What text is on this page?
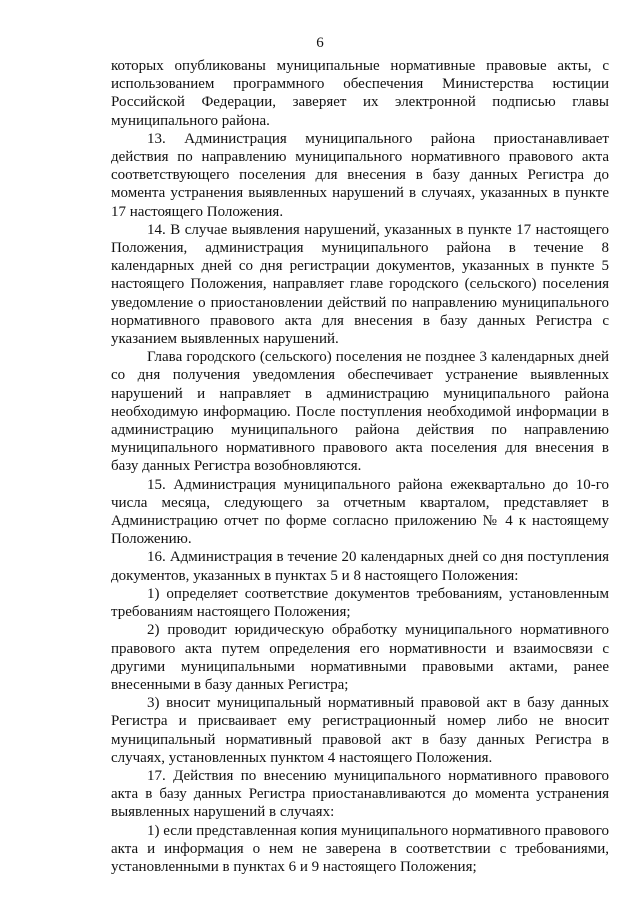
6

которых опубликованы муниципальные нормативные правовые акты, с использованием программного обеспечения Министерства юстиции Российской Федерации, заверяет их электронной подписью главы муниципального района.

13. Администрация муниципального района приостанавливает действия по направлению муниципального нормативного правового акта соответствующего поселения для внесения в базу данных Регистра до момента устранения выявленных нарушений в случаях, указанных в пункте 17 настоящего Положения.

14. В случае выявления нарушений, указанных в пункте 17 настоящего Положения, администрация муниципального района в течение 8 календарных дней со дня регистрации документов, указанных в пункте 5 настоящего Положения, направляет главе городского (сельского) поселения уведомление о приостановлении действий по направлению муниципального нормативного правового акта для внесения в базу данных Регистра с указанием выявленных нарушений.

Глава городского (сельского) поселения не позднее 3 календарных дней со дня получения уведомления обеспечивает устранение выявленных нарушений и направляет в администрацию муниципального района необходимую информацию. После поступления необходимой информации в администрацию муниципального района действия по направлению муниципального нормативного правового акта поселения для внесения в базу данных Регистра возобновляются.

15. Администрация муниципального района ежеквартально до 10-го числа месяца, следующего за отчетным кварталом, представляет в Администрацию отчет по форме согласно приложению № 4 к настоящему Положению.

16. Администрация в течение 20 календарных дней со дня поступления документов, указанных в пунктах 5 и 8 настоящего Положения:

1) определяет соответствие документов требованиям, установленным требованиям настоящего Положения;

2) проводит юридическую обработку муниципального нормативного правового акта путем определения его нормативности и взаимосвязи с другими муниципальными нормативными правовыми актами, ранее внесенными в базу данных Регистра;

3) вносит муниципальный нормативный правовой акт в базу данных Регистра и присваивает ему регистрационный номер либо не вносит муниципальный нормативный правовой акт в базу данных Регистра в случаях, установленных пунктом 4 настоящего Положения.

17. Действия по внесению муниципального нормативного правового акта в базу данных Регистра приостанавливаются до момента устранения выявленных нарушений в случаях:

1) если представленная копия муниципального нормативного правового акта и информация о нем не заверена в соответствии с требованиями, установленными в пунктах 6 и 9 настоящего Положения;
